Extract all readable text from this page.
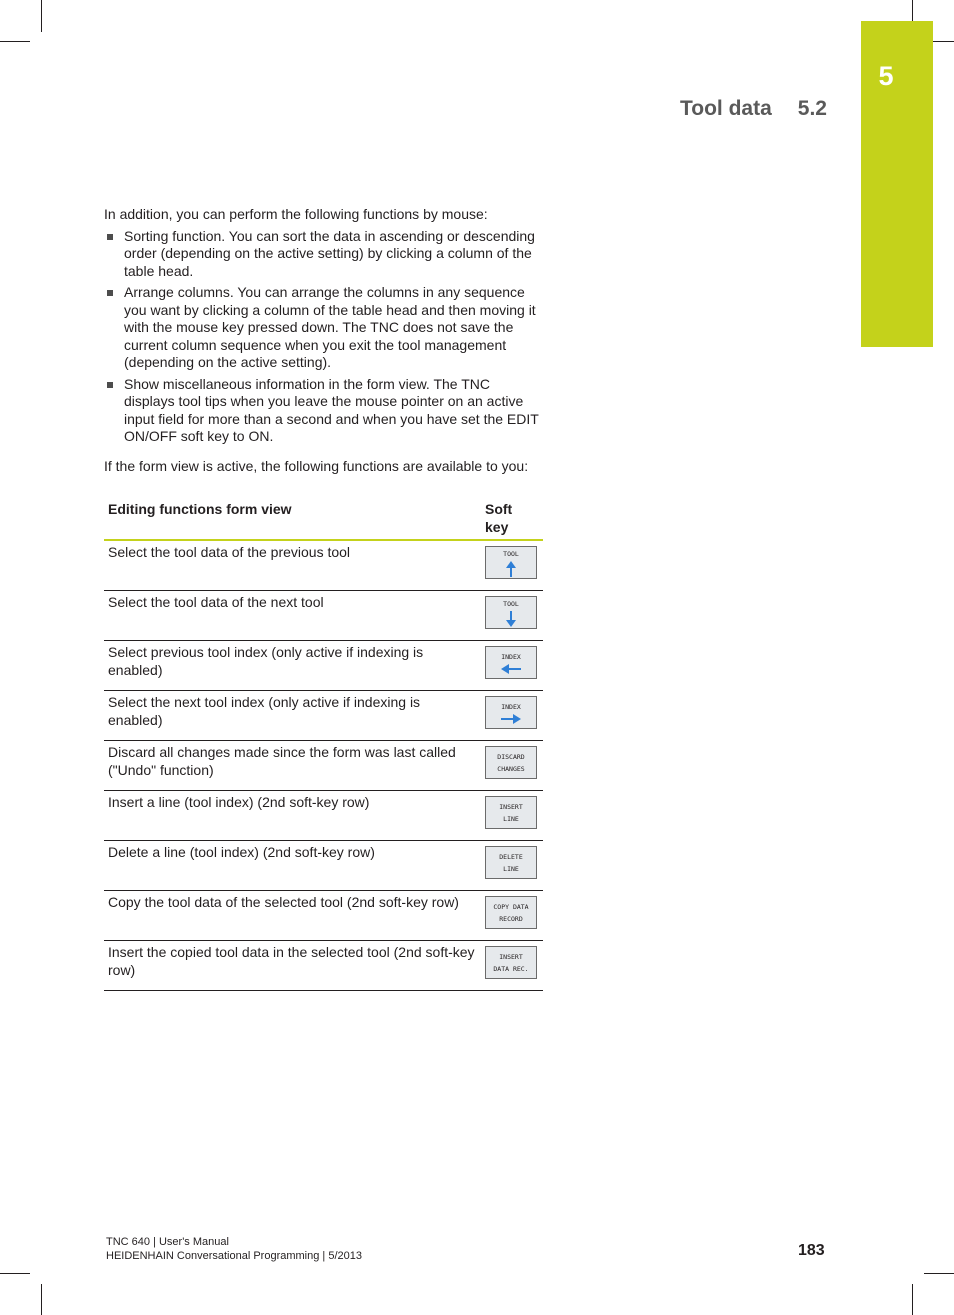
5
Tool data 5.2

In addition, you can perform the following functions by mouse:

Sorting function. You can sort the data in ascending or descending order (depending on the active setting) by clicking a column of the table head.
Arrange columns. You can arrange the columns in any sequence you want by clicking a column of the table head and then moving it with the mouse key pressed down. The TNC does not save the current column sequence when you exit the tool management (depending on the active setting).
Show miscellaneous information in the form view. The TNC displays tool tips when you leave the mouse pointer on an active input field for more than a second and when you have set the EDIT ON/OFF soft key to ON.

If the form view is active, the following functions are available to you:

Editing functions form view	Soft key
Select the tool data of the previous tool	TOOL

Select the tool data of the next tool	TOOL

Select previous tool index (only active if indexing is enabled)	INDEX

Select the next tool index (only active if indexing is enabled)	INDEX

Discard all changes made since the form was last called ("Undo" function)	DISCARD
CHANGES

Insert a line (tool index) (2nd soft-key row)	INSERT
LINE

Delete a line (tool index) (2nd soft-key row)	DELETE
LINE

Copy the tool data of the selected tool (2nd soft-key row)	COPY DATA
RECORD

Insert the copied tool data in the selected tool (2nd soft-key row)	INSERT
DATA REC.
TNC 640 | User's Manual
HEIDENHAIN Conversational Programming | 5/2013	183
